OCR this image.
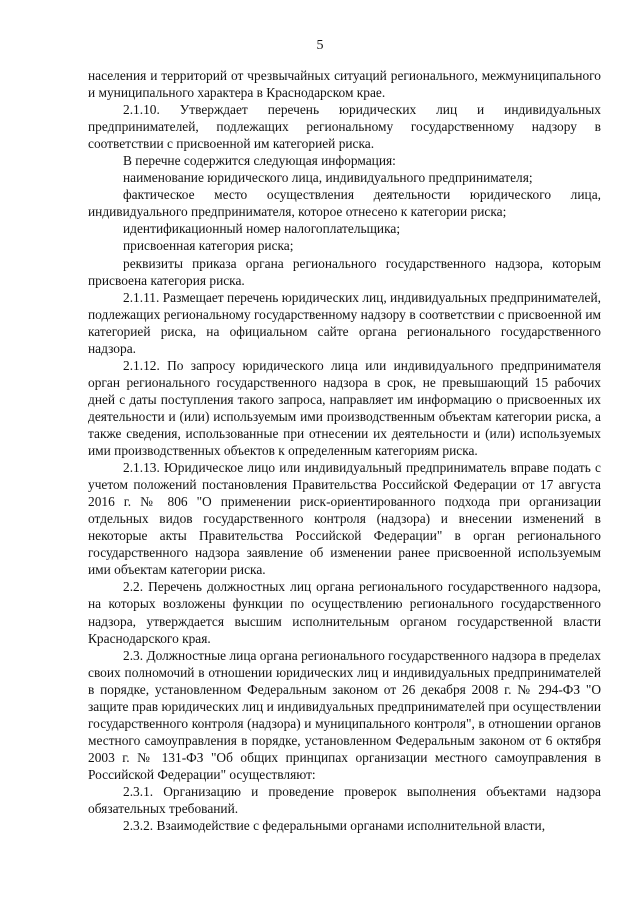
5

населения и территорий от чрезвычайных ситуаций регионального, межмуниципального и муниципального характера в Краснодарском крае.

2.1.10. Утверждает перечень юридических лиц и индивидуальных предпринимателей, подлежащих региональному государственному надзору в соответствии с присвоенной им категорией риска.

В перечне содержится следующая информация:

наименование юридического лица, индивидуального предпринимателя;

фактическое место осуществления деятельности юридического лица, индивидуального предпринимателя, которое отнесено к категории риска;

идентификационный номер налогоплательщика;

присвоенная категория риска;

реквизиты приказа органа регионального государственного надзора, которым присвоена категория риска.

2.1.11. Размещает перечень юридических лиц, индивидуальных предпринимателей, подлежащих региональному государственному надзору в соответствии с присвоенной им категорией риска, на официальном сайте органа регионального государственного надзора.

2.1.12. По запросу юридического лица или индивидуального предпринимателя орган регионального государственного надзора в срок, не превышающий 15 рабочих дней с даты поступления такого запроса, направляет им информацию о присвоенных их деятельности и (или) используемым ими производственным объектам категории риска, а также сведения, использованные при отнесении их деятельности и (или) используемых ими производственных объектов к определенным категориям риска.

2.1.13. Юридическое лицо или индивидуальный предприниматель вправе подать с учетом положений постановления Правительства Российской Федерации от 17 августа 2016 г. № 806 "О применении риск-ориентированного подхода при организации отдельных видов государственного контроля (надзора) и внесении изменений в некоторые акты Правительства Российской Федерации" в орган регионального государственного надзора заявление об изменении ранее присвоенной используемым ими объектам категории риска.

2.2. Перечень должностных лиц органа регионального государственного надзора, на которых возложены функции по осуществлению регионального государственного надзора, утверждается высшим исполнительным органом государственной власти Краснодарского края.

2.3. Должностные лица органа регионального государственного надзора в пределах своих полномочий в отношении юридических лиц и индивидуальных предпринимателей в порядке, установленном Федеральным законом от 26 декабря 2008 г. № 294-ФЗ "О защите прав юридических лиц и индивидуальных предпринимателей при осуществлении государственного контроля (надзора) и муниципального контроля", в отношении органов местного самоуправления в порядке, установленном Федеральным законом от 6 октября 2003 г. № 131-ФЗ "Об общих принципах организации местного самоуправления в Российской Федерации" осуществляют:

2.3.1. Организацию и проведение проверок выполнения объектами надзора обязательных требований.

2.3.2. Взаимодействие с федеральными органами исполнительной власти,
